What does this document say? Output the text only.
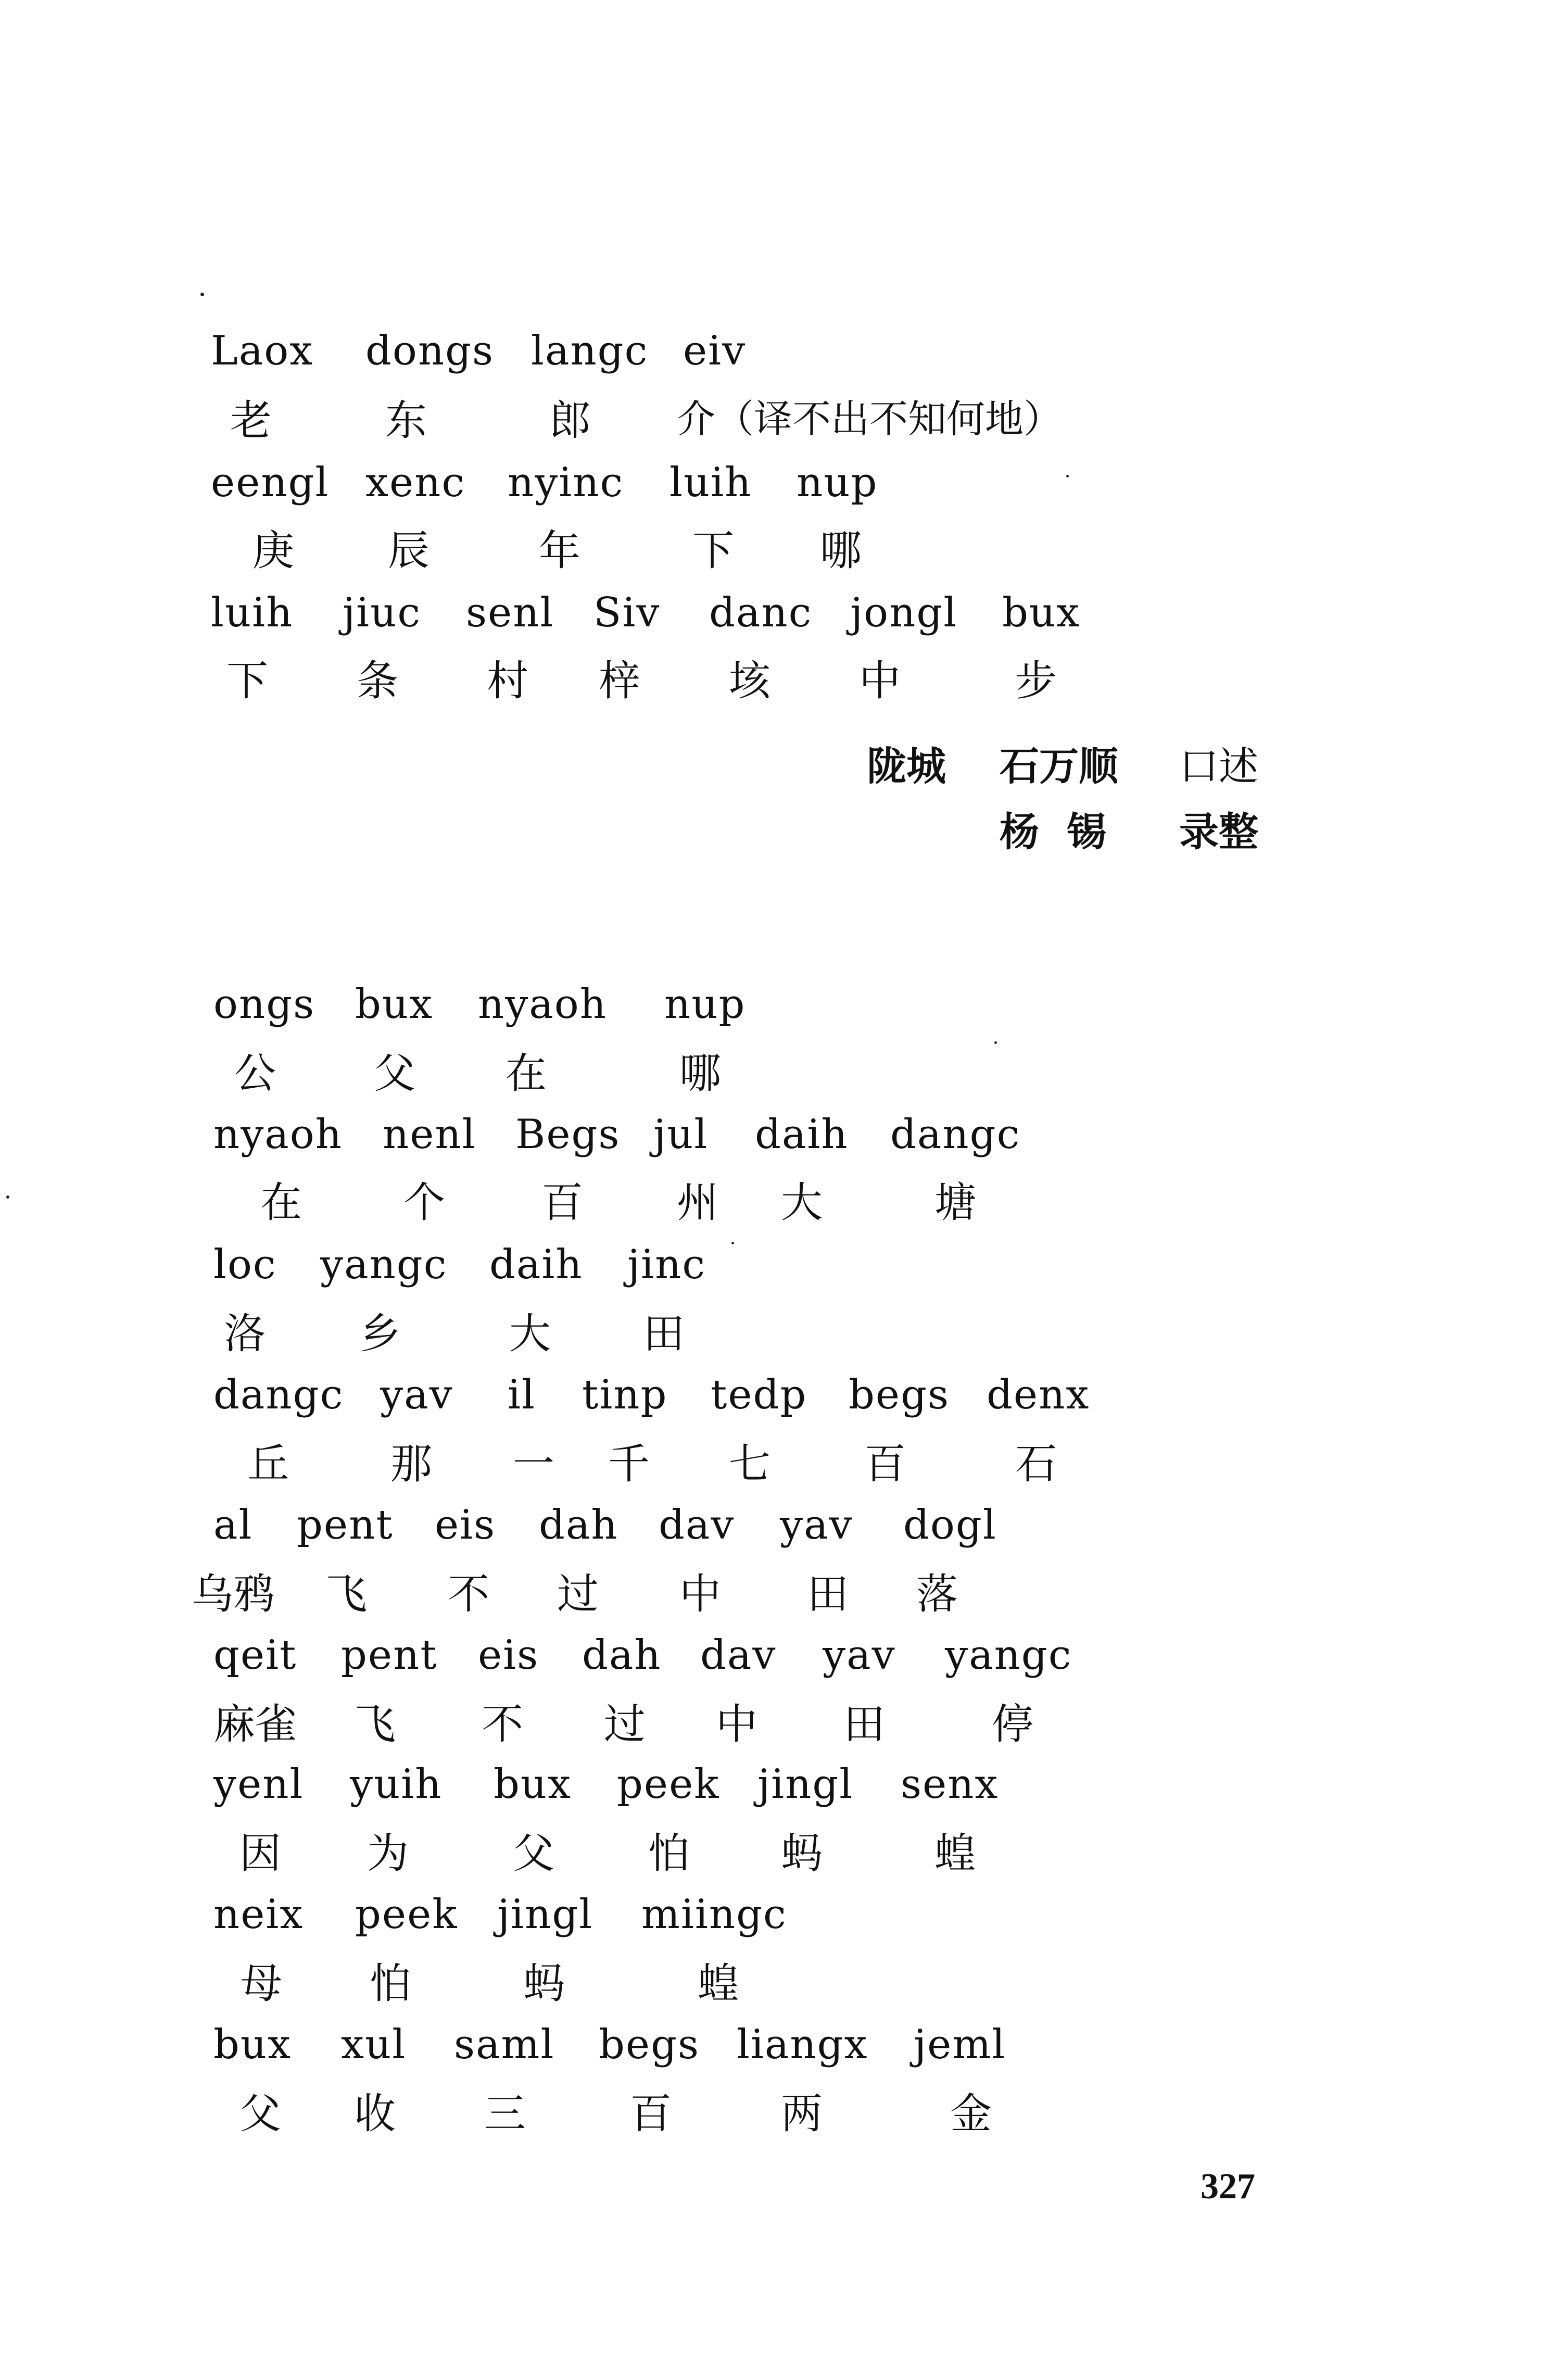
Laox dongs langc eiv
老	东	郎 介（译不出不知何地）
eengl xenc nyinc luih nup
庚 辰	年	下 哪
luih jiuc senl Siv danc jongl bux
下 条 村 梓 垓 中	步
陇城 石万顺 口述
杨  锡 录整
ongs bux nyaoh nup
公 父 在	哪
nyaoh nenl Begs jul daih dangc
在 个 百 州 大	塘
loc yangc daih jinc
洛 乡	大 田
dangc yav il tinp tedp begs denx
丘 那 一 千 七 百	石
al pent eis dah dav yav dogl
乌鸦 飞 不 过 中 田 落
qeit pent eis dah dav yav yangc
麻雀 飞 不 过 中 田	停
yenl yuih bux peek jingl senx
因 为	父 怕 蚂	蝗
neix peek jingl miingc
母 怕	蚂	蝗
bux xul saml begs liangx jeml
父 收 三	百	两	金
327
